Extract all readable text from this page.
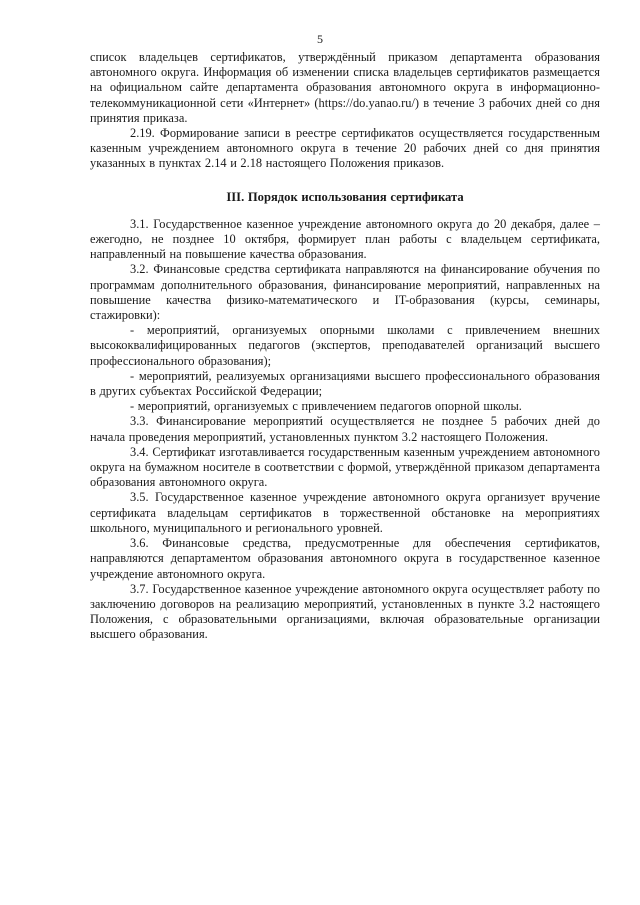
5

список владельцев сертификатов, утверждённый приказом департамента образования автономного округа. Информация об изменении списка владельцев сертификатов размещается на официальном сайте департамента образования автономного округа в информационно-телекоммуникационной сети «Интернет» (https://do.yanao.ru/) в течение 3 рабочих дней со дня принятия приказа.

2.19. Формирование записи в реестре сертификатов осуществляется государственным казенным учреждением автономного округа в течение 20 рабочих дней со дня принятия указанных в пунктах 2.14 и 2.18 настоящего Положения приказов.

III. Порядок использования сертификата

3.1. Государственное казенное учреждение автономного округа до 20 декабря, далее – ежегодно, не позднее 10 октября, формирует план работы с владельцем сертификата, направленный на повышение качества образования.

3.2. Финансовые средства сертификата направляются на финансирование обучения по программам дополнительного образования, финансирование мероприятий, направленных на повышение качества физико-математического и IT-образования (курсы, семинары, стажировки):

- мероприятий, организуемых опорными школами с привлечением внешних высококвалифицированных педагогов (экспертов, преподавателей организаций высшего профессионального образования);

- мероприятий, реализуемых организациями высшего профессионального образования в других субъектах Российской Федерации;

- мероприятий, организуемых с привлечением педагогов опорной школы.

3.3. Финансирование мероприятий осуществляется не позднее 5 рабочих дней до начала проведения мероприятий, установленных пунктом 3.2 настоящего Положения.

3.4. Сертификат изготавливается государственным казенным учреждением автономного округа на бумажном носителе в соответствии с формой, утверждённой приказом департамента образования автономного округа.

3.5. Государственное казенное учреждение автономного округа организует вручение сертификата владельцам сертификатов в торжественной обстановке на мероприятиях школьного, муниципального и регионального уровней.

3.6. Финансовые средства, предусмотренные для обеспечения сертификатов, направляются департаментом образования автономного округа в государственное казенное учреждение автономного округа.

3.7. Государственное казенное учреждение автономного округа осуществляет работу по заключению договоров на реализацию мероприятий, установленных в пункте 3.2 настоящего Положения, с образовательными организациями, включая образовательные организации высшего образования.
